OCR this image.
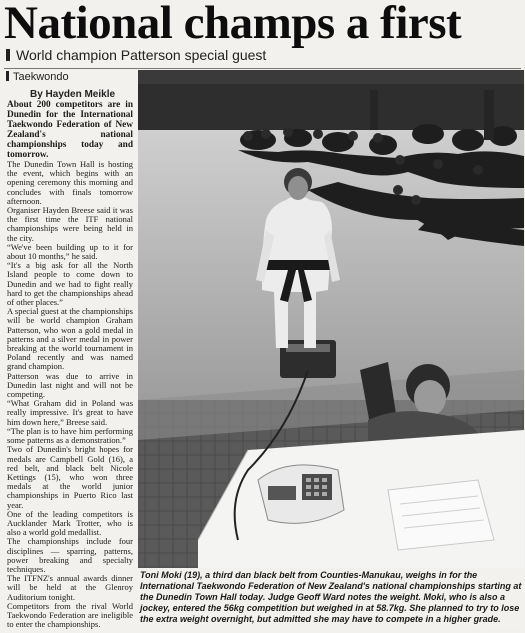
National champs a first
World champion Patterson special guest
Taekwondo
By Hayden Meikle

About 200 competitors are in Dunedin for the International Taekwondo Federation of New Zealand's national championships today and tomorrow.

The Dunedin Town Hall is hosting the event, which begins with an opening ceremony this morning and concludes with finals tomorrow afternoon.

Organiser Hayden Breese said it was the first time the ITF national championships were being held in the city.

“We've been building up to it for about 10 months,” he said.

“It's a big ask for all the North Island people to come down to Dunedin and we had to fight really hard to get the championships ahead of other places.”

A special guest at the championships will be world champion Graham Patterson, who won a gold medal in patterns and a silver medal in power breaking at the world tournament in Poland recently and was named grand champion.

Patterson was due to arrive in Dunedin last night and will not be competing.

“What Graham did in Poland was really impressive. It's great to have him down here,” Breese said.

“The plan is to have him performing some patterns as a demonstration.”

Two of Dunedin's bright hopes for medals are Campbell Gold (16), a red belt, and black belt Nicole Kettings (15), who won three medals at the world junior championships in Puerto Rico last year.

One of the leading competitors is Aucklander Mark Trotter, who is also a world gold medallist.

The championships include four disciplines — sparring, patterns, power breaking and specialty techniques.

The ITFNZ's annual awards dinner will be held at the Glenroy Auditorium tonight.

Competitors from the rival World Taekwondo Federation are ineligible to enter the championships.

PHOTO: JANE DAWBER
Toni Moki (19), a third dan black belt from Counties-Manukau, weighs in for the International Taekwondo Federation of New Zealand's national championships starting at the Dunedin Town Hall today. Judge Geoff Ward notes the weight. Moki, who is also a jockey, entered the 56kg competition but weighed in at 58.7kg. She planned to try to lose the extra weight overnight, but admitted she may have to compete in a higher grade.
